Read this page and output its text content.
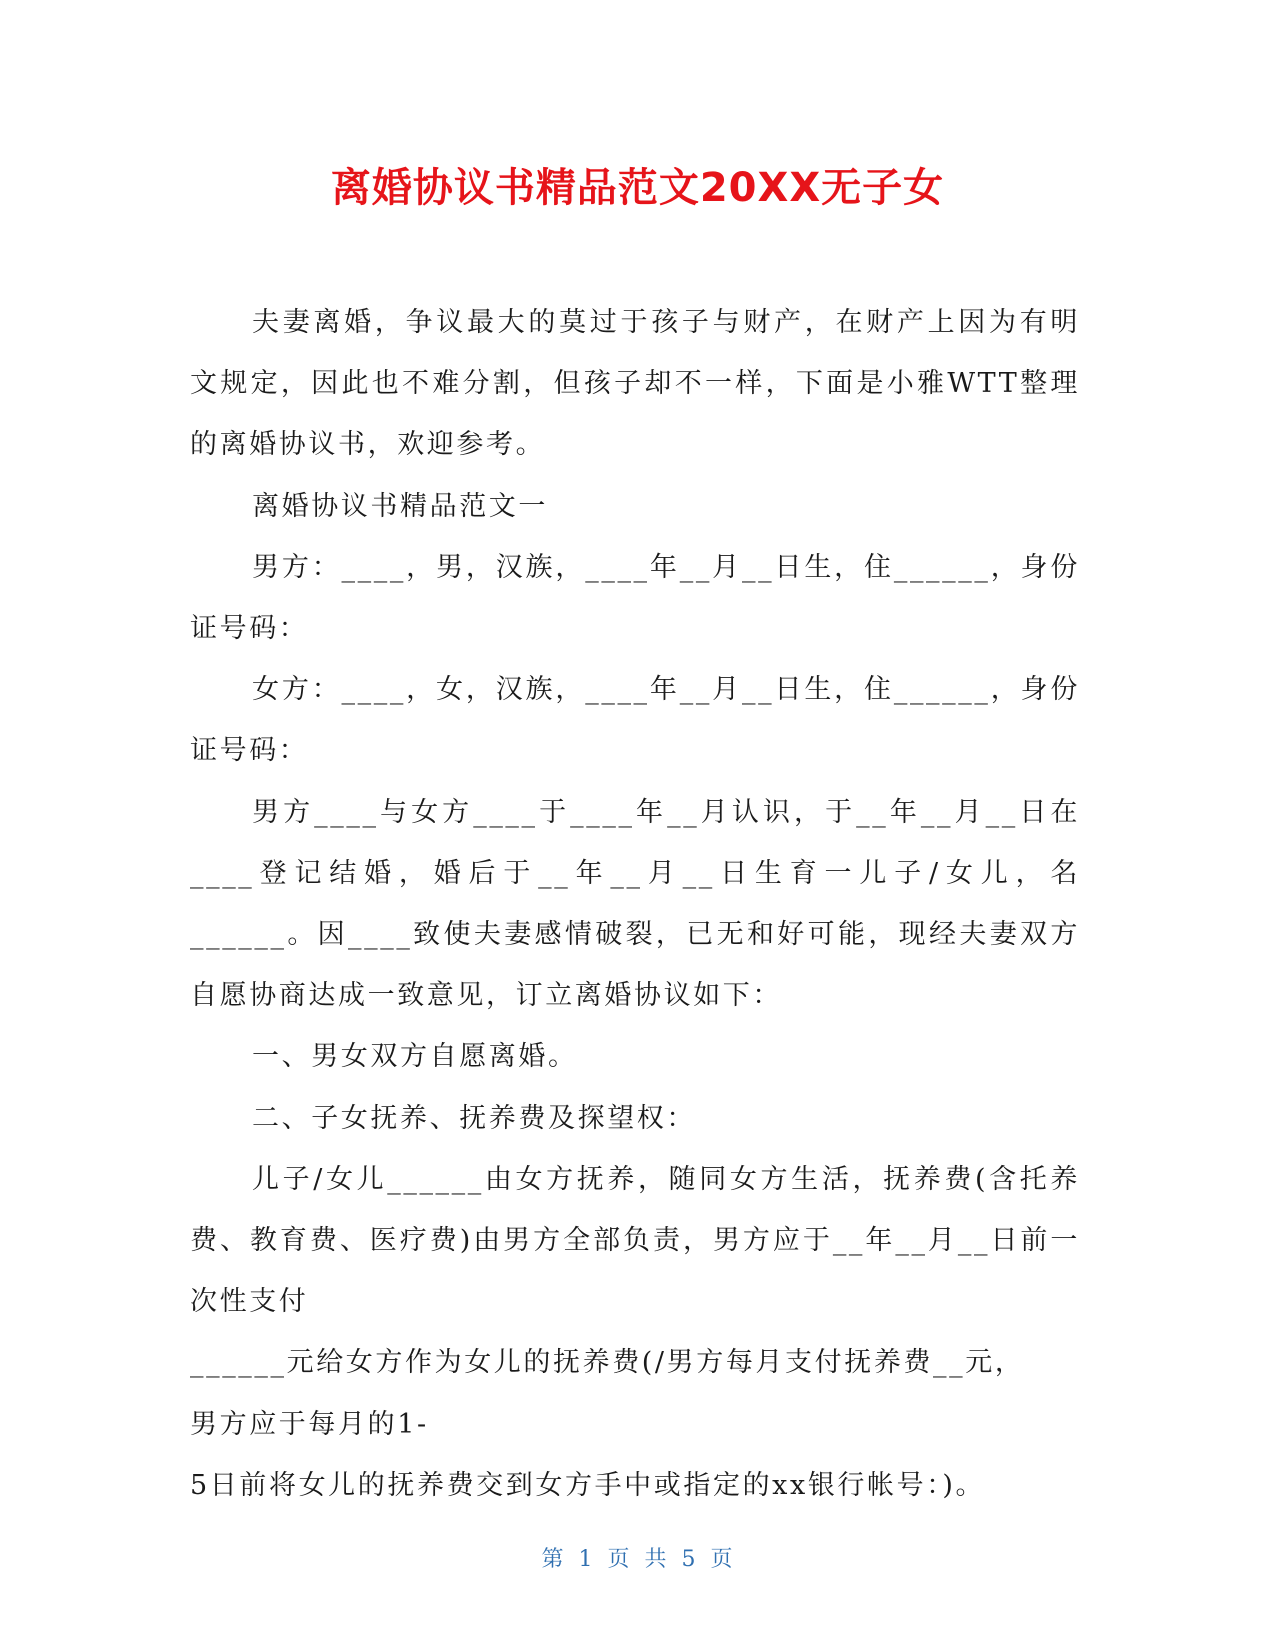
离婚协议书精品范文20XX无子女

夫妻离婚，争议最大的莫过于孩子与财产，在财产上因为有明文规定，因此也不难分割，但孩子却不一样，下面是小雅WTT整理的离婚协议书，欢迎参考。

离婚协议书精品范文一

男方：____，男，汉族，____年__月__日生，住______，身份证号码：

女方：____，女，汉族，____年__月__日生，住______，身份证号码：

男方____与女方____于____年__月认识，于__年__月__日在____登记结婚，婚后于__年__月__日生育一儿子/女儿，名______。因____致使夫妻感情破裂，已无和好可能，现经夫妻双方自愿协商达成一致意见，订立离婚协议如下：

一、男女双方自愿离婚。

二、子女抚养、抚养费及探望权：

儿子/女儿______由女方抚养，随同女方生活，抚养费(含托养费、教育费、医疗费)由男方全部负责，男方应于__年__月__日前一次性支付

______元给女方作为女儿的抚养费(/男方每月支付抚养费__元，

男方应于每月的1-

5日前将女儿的抚养费交到女方手中或指定的xx银行帐号：)。

第 1 页 共 5 页
